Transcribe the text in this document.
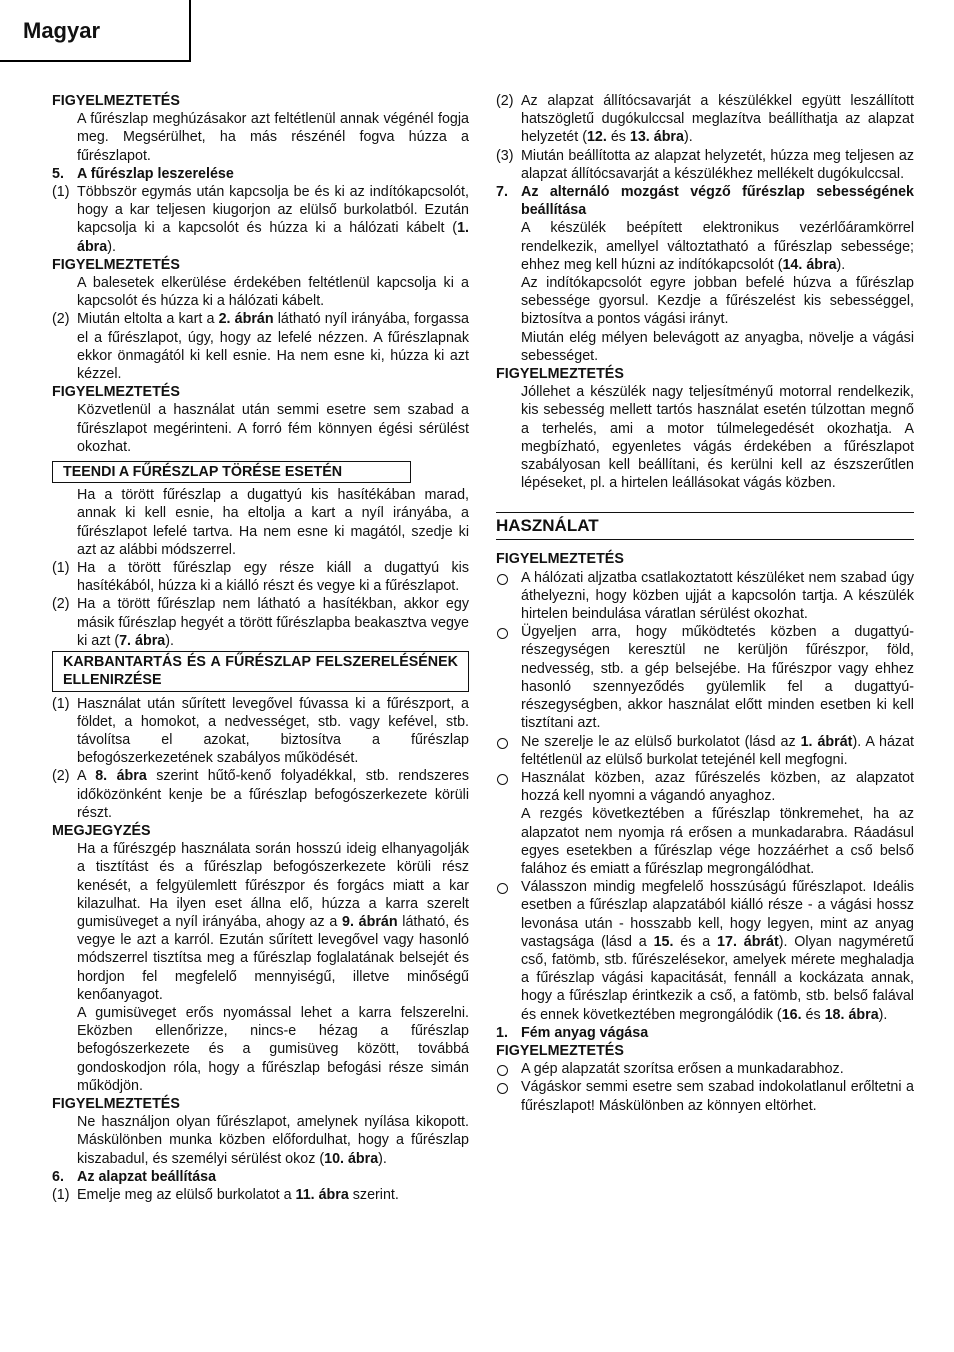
Magyar

FIGYELMEZTETÉS

A fűrészlap meghúzásakor azt feltétlenül annak végénél fogja meg. Megsérülhet, ha más részénél fogva húzza a fűrészlapot.

5. A fűrészlap leszerelése

(1) Többször egymás után kapcsolja be és ki az indítókapcsolót, hogy a kar teljesen kiugorjon az elülső burkolatból. Ezután kapcsolja ki a kapcsolót és húzza ki a hálózati kábelt (1. ábra).

FIGYELMEZTETÉS

A balesetek elkerülése érdekében feltétlenül kapcsolja ki a kapcsolót és húzza ki a hálózati kábelt.

(2) Miután eltolta a kart a 2. ábrán látható nyíl irányába, forgassa el a fűrészlapot, úgy, hogy az lefelé nézzen. A fűrészlapnak ekkor önmagától ki kell esnie. Ha nem esne ki, húzza ki azt kézzel.

FIGYELMEZTETÉS

Közvetlenül a használat után semmi esetre sem szabad a fűrészlapot megérinteni. A forró fém könnyen égési sérülést okozhat.

TEENDI A FŰRÉSZLAP TÖRÉSE ESETÉN

Ha a törött fűrészlap a dugattyú kis hasítékában marad, annak ki kell esnie, ha eltolja a kart a nyíl irányába, a fűrészlapot lefelé tartva. Ha nem esne ki magától, szedje ki azt az alábbi módszerrel.

(1) Ha a törött fűrészlap egy része kiáll a dugattyú kis hasítékából, húzza ki a kiálló részt és vegye ki a fűrészlapot.

(2) Ha a törött fűrészlap nem látható a hasítékban, akkor egy másik fűrészlap hegyét a törött fűrészlapba beakasztva vegye ki azt (7. ábra).

KARBANTARTÁS ÉS A FŰRÉSZLAP FELSZERELÉSÉNEK ELLENIRZÉSE

(1) Használat után sűrített levegővel fúvassa ki a fűrészport, a földet, a homokot, a nedvességet, stb. vagy kefével, stb. távolítsa el azokat, biztosítva a fűrészlap befogószerkezetének szabályos működését.

(2) A 8. ábra szerint hűtő-kenő folyadékkal, stb. rendszeres időközönként kenje be a fűrészlap befogószerkezete körüli részt.

MEGJEGYZÉS

Ha a fűrészgép használata során hosszú ideig elhanyagolják a tisztítást és a fűrészlap befogószerkezete körüli rész kenését, a felgyülemlett fűrészpor és forgács miatt a kar kilazulhat. Ha ilyen eset állna elő, húzza a karra szerelt gumisüveget a nyíl irányába, ahogy az a 9. ábrán látható, és vegye le azt a karról. Ezután sűrített levegővel vagy hasonló módszerrel tisztítsa meg a fűrészlap foglalatának belsejét és hordjon fel megfelelő mennyiségű, illetve minőségű kenőanyagot.

A gumisüveget erős nyomással lehet a karra felszerelni. Eközben ellenőrizze, nincs-e hézag a fűrészlap befogószerkezete és a gumisüveg között, továbbá gondoskodjon róla, hogy a fűrészlap befogási része simán működjön.

FIGYELMEZTETÉS

Ne használjon olyan fűrészlapot, amelynek nyílása kikopott. Máskülönben munka közben előfordulhat, hogy a fűrészlap kiszabadul, és személyi sérülést okoz (10. ábra).

6. Az alapzat beállítása

(1) Emelje meg az elülső burkolatot a 11. ábra szerint.

(2) Az alapzat állítócsavarját a készülékkel együtt leszállított hatszögletű dugókulccsal meglazítva beállíthatja az alapzat helyzetét (12. és 13. ábra).

(3) Miután beállította az alapzat helyzetét, húzza meg teljesen az alapzat állítócsavarját a készülékhez mellékelt dugókulccsal.

7. Az alternáló mozgást végző fűrészlap sebességének beállítása

A készülék beépített elektronikus vezérlőáramkörrel rendelkezik, amellyel változtatható a fűrészlap sebessége; ehhez meg kell húzni az indítókapcsolót (14. ábra).

Az indítókapcsolót egyre jobban befelé húzva a fűrészlap sebessége gyorsul. Kezdje a fűrészelést kis sebességgel, biztosítva a pontos vágási irányt.

Miután elég mélyen belevágott az anyagba, növelje a vágási sebességet.

FIGYELMEZTETÉS

Jóllehet a készülék nagy teljesítményű motorral rendelkezik, kis sebesség mellett tartós használat esetén túlzottan megnő a terhelés, ami a motor túlmelegedését okozhatja. A megbízható, egyenletes vágás érdekében a fűrészlapot szabályosan kell beállítani, és kerülni kell az észszerűtlen lépéseket, pl. a hirtelen leállásokat vágás közben.

HASZNÁLAT

FIGYELMEZTETÉS

A hálózati aljzatba csatlakoztatott készüléket nem szabad úgy áthelyezni, hogy közben ujját a kapcsolón tartja. A készülék hirtelen beindulása váratlan sérülést okozhat.

Ügyeljen arra, hogy működtetés közben a dugattyú-részegységen keresztül ne kerüljön fűrészpor, föld, nedvesség, stb. a gép belsejébe. Ha fűrészpor vagy ehhez hasonló szennyeződés gyülemlik fel a dugattyú-részegységben, akkor használat előtt minden esetben ki kell tisztítani azt.

Ne szerelje le az elülső burkolatot (lásd az 1. ábrát). A házat feltétlenül az elülső burkolat tetejénél kell megfogni.

Használat közben, azaz fűrészelés közben, az alapzatot hozzá kell nyomni a vágandó anyaghoz.

A rezgés következtében a fűrészlap tönkremehet, ha az alapzatot nem nyomja rá erősen a munkadarabra. Ráadásul egyes esetekben a fűrészlap vége hozzáérhet a cső belső falához és emiatt a fűrészlap megrongálódhat.

Válasszon mindig megfelelő hosszúságú fűrészlapot. Ideális esetben a fűrészlap alapzatából kiálló része - a vágási hossz levonása után - hosszabb kell, hogy legyen, mint az anyag vastagsága (lásd a 15. és a 17. ábrát). Olyan nagyméretű cső, fatömb, stb. fűrészelésekor, amelyek mérete meghaladja a fűrészlap vágási kapacitását, fennáll a kockázata annak, hogy a fűrészlap érintkezik a cső, a fatömb, stb. belső falával és ennek következtében megrongálódik (16. és 18. ábra).

1. Fém anyag vágása

FIGYELMEZTETÉS

A gép alapzatát szorítsa erősen a munkadarabhoz.

Vágáskor semmi esetre sem szabad indokolatlanul erőltetni a fűrészlapot! Máskülönben az könnyen eltörhet.
